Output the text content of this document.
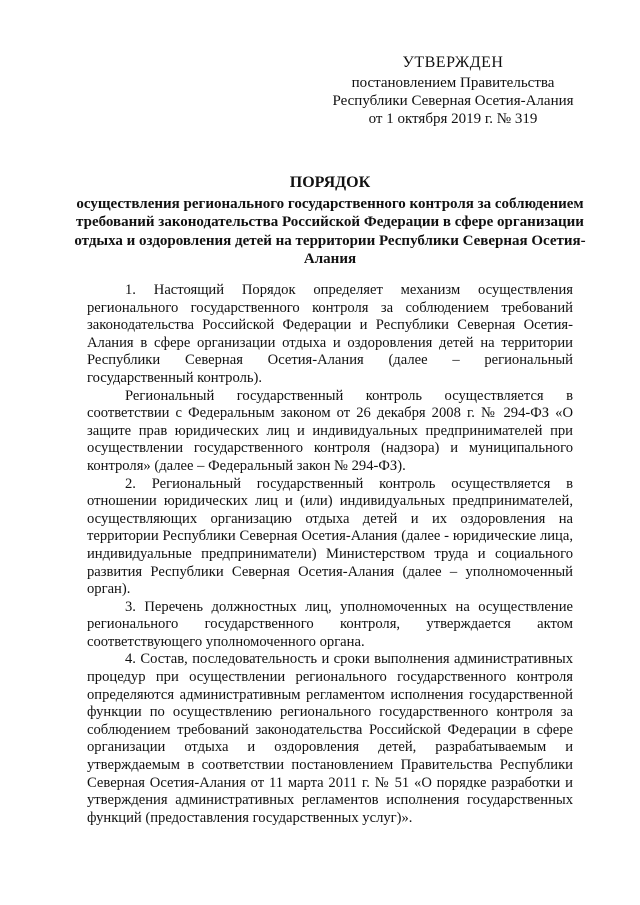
УТВЕРЖДЕН
постановлением Правительства
Республики Северная Осетия-Алания
от 1 октября 2019 г. № 319
ПОРЯДОК
осуществления регионального государственного контроля за соблюдением требований законодательства Российской Федерации в сфере организации отдыха и оздоровления детей на территории Республики Северная Осетия-Алания

1. Настоящий Порядок определяет механизм осуществления регионального государственного контроля за соблюдением требований законодательства Российской Федерации и Республики Северная Осетия-Алания в сфере организации отдыха и оздоровления детей на территории Республики Северная Осетия-Алания (далее – региональный государственный контроль).

Региональный государственный контроль осуществляется в соответствии с Федеральным законом от 26 декабря 2008 г. № 294-ФЗ «О защите прав юридических лиц и индивидуальных предпринимателей при осуществлении государственного контроля (надзора) и муниципального контроля» (далее – Федеральный закон № 294-ФЗ).

2. Региональный государственный контроль осуществляется в отношении юридических лиц и (или) индивидуальных предпринимателей, осуществляющих организацию отдыха детей и их оздоровления на территории Республики Северная Осетия-Алания (далее - юридические лица, индивидуальные предприниматели) Министерством труда и социального развития Республики Северная Осетия-Алания (далее – уполномоченный орган).

3. Перечень должностных лиц, уполномоченных на осуществление регионального государственного контроля, утверждается актом соответствующего уполномоченного органа.

4. Состав, последовательность и сроки выполнения административных процедур при осуществлении регионального государственного контроля определяются административным регламентом исполнения государственной функции по осуществлению регионального государственного контроля за соблюдением требований законодательства Российской Федерации в сфере организации отдыха и оздоровления детей, разрабатываемым и утверждаемым в соответствии постановлением Правительства Республики Северная Осетия-Алания от 11 марта 2011 г. № 51 «О порядке разработки и утверждения административных регламентов исполнения государственных функций (предоставления государственных услуг)».
